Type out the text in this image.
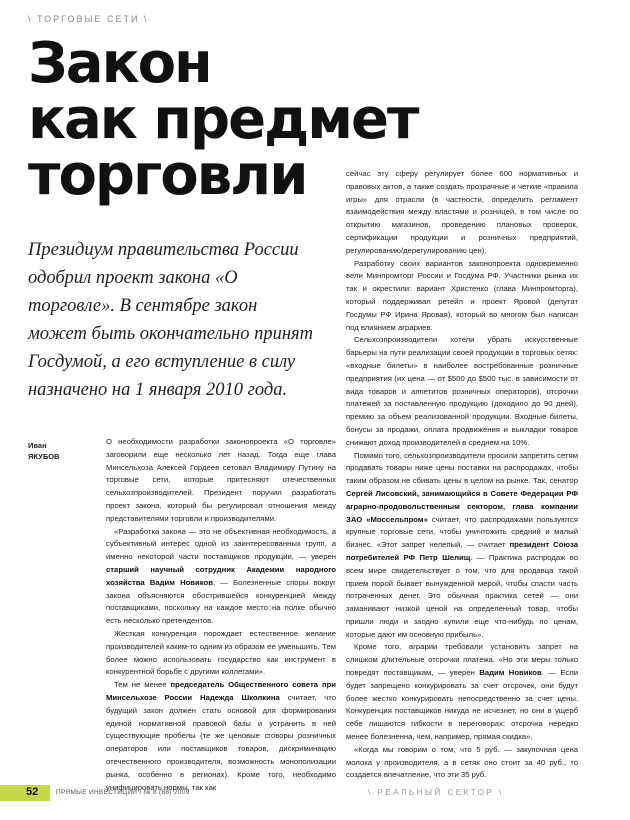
\ ТОРГОВЫЕ СЕТИ \
Закон
как предмет
торговли
Президиум правительства России одобрил проект закона «О торговле». В сентябре закон может быть окончательно принят Госдумой, а его вступление в силу назначено на 1 января 2010 года.
Иван
ЯКУБОВ

О необходимости разработки законопроекта «О торговле» заговорили еще несколько лет назад. Тогда еще глава Минсельхоза Алексей Гордеев сетовал Владимиру Путину на торговые сети, которые притесняют отечественных сельхозпроизводителей. Президент поручил разработать проект закона, который бы регулировал отношения между представителями торговли и производителями.

«Разработка закона — это не объективная необходимость, а субъективный интерес одной из заинтересованных групп, а именно некоторой части поставщиков продукции, — уверен старший научный сотрудник Академии народного хозяйства Вадим Новиков. — Болезненные споры вокруг закона объясняются обострившейся конкуренцией между поставщиками, поскольку на каждое место на полке обычно есть несколько претендентов.

Жесткая конкуренция порождает естественное желание производителей каким-то одним из образом ее уменьшить. Тем более можно использовать государство как инструмент в конкурентной борьбе с другими коллегами».

Тем не менее председатель Общественного совета при Минсельхозе России Надежда Школкина считает, что будущий закон должен стать основой для формирования единой нормативной правовой базы и устранить в ней существующие пробелы (те же ценовые сговоры розничных операторов или поставщиков товаров, дискриминацию отечественного производителя, возможность монополизации рынка, особенно в регионах). Кроме того, необходимо унифицировать нормы, так как

сейчас эту сферу регулирует более 600 нормативных и правовых актов, а также создать прозрачные и четкие «правила игры» для отрасли (в частности, определить регламент взаимодействия между властями и розницей, в том числе по открытию магазинов, проведению плановых проверок, сертификации продукции и розничных предприятий, регулированию/дерегулированию цен).

Разработку своих вариантов законопроекта одновременно вели Минпромторг России и Госдума РФ. Участники рынка их так и окрестили: вариант Христенко (глава Минпромторга), который поддерживал ретейл и проект Яровой (депутат Госдумы РФ Ирина Яровая), который во многом был написан под влиянием аграриев.

Сельхозпроизводители хотели убрать искусственные барьеры на пути реализации своей продукции в торговых сетях: «входные билеты» в наиболее востребованные розничные предприятия (их цена — от $500 до $500 тыс. в зависимости от вида товаров и аппетитов розничных операторов), отсрочки платежей за поставленную продукцию (доходило до 90 дней), премию за объем реализованной продукции. Входные билеты, бонусы за продажи, оплата продвижения и выкладки товаров снижают доход производителей в среднем на 10%.

Помимо того, сельхозпроизводители просили запретить сетям продавать товары ниже цены поставки на распродажах, чтобы таким образом не сбивать цены в целом на рынке. Так, сенатор Сергей Лисовский, занимающийся в Совете Федерации РФ аграрно-продовольственным сектором, глава компании ЗАО «Моссельпром» считает, что распродажами пользуются крупные торговые сети, чтобы уничтожить средний и малый бизнес. «Этот запрет нелепый, — считает президент Союза потребителей РФ Петр Шелищ. — Практика распродаж во всем мире свидетельствует о том, что для продавца такой прием порой бывает вынужденной мерой, чтобы спасти часть потраченных денег. Это обычная практика сетей — они заманивают низкой ценой на определенный товар, чтобы пришли люди и заодно купили еще что-нибудь по ценам, которые дают им основную прибыль».

Кроме того, аграрии требовали установить запрет на слишком длительные отсрочки платежа. «Но эти меры только повредят поставщикам, — уверен Вадим Новиков. — Если будет запрещено конкурировать за счет отсрочек, они будут более жестко конкурировать непосредственно за счет цены. Конкуренция поставщиков никуда не исчезнет, но они в ущерб себе лишаются гибкости в переговорах: отсрочка нередко менее болезненна, чем, например, прямая скидка».

«Когда мы говорим о том, что 5 руб. — закупочная цена молока у производителя, а в сетях оно стоит за 40 руб., то создается впечатление, что эти 35 руб.

52	ПРЯМЫЕ ИНВЕСТИЦИИ / № 8 (88) 2009	\ РЕАЛЬНЫЙ СЕКТОР \
